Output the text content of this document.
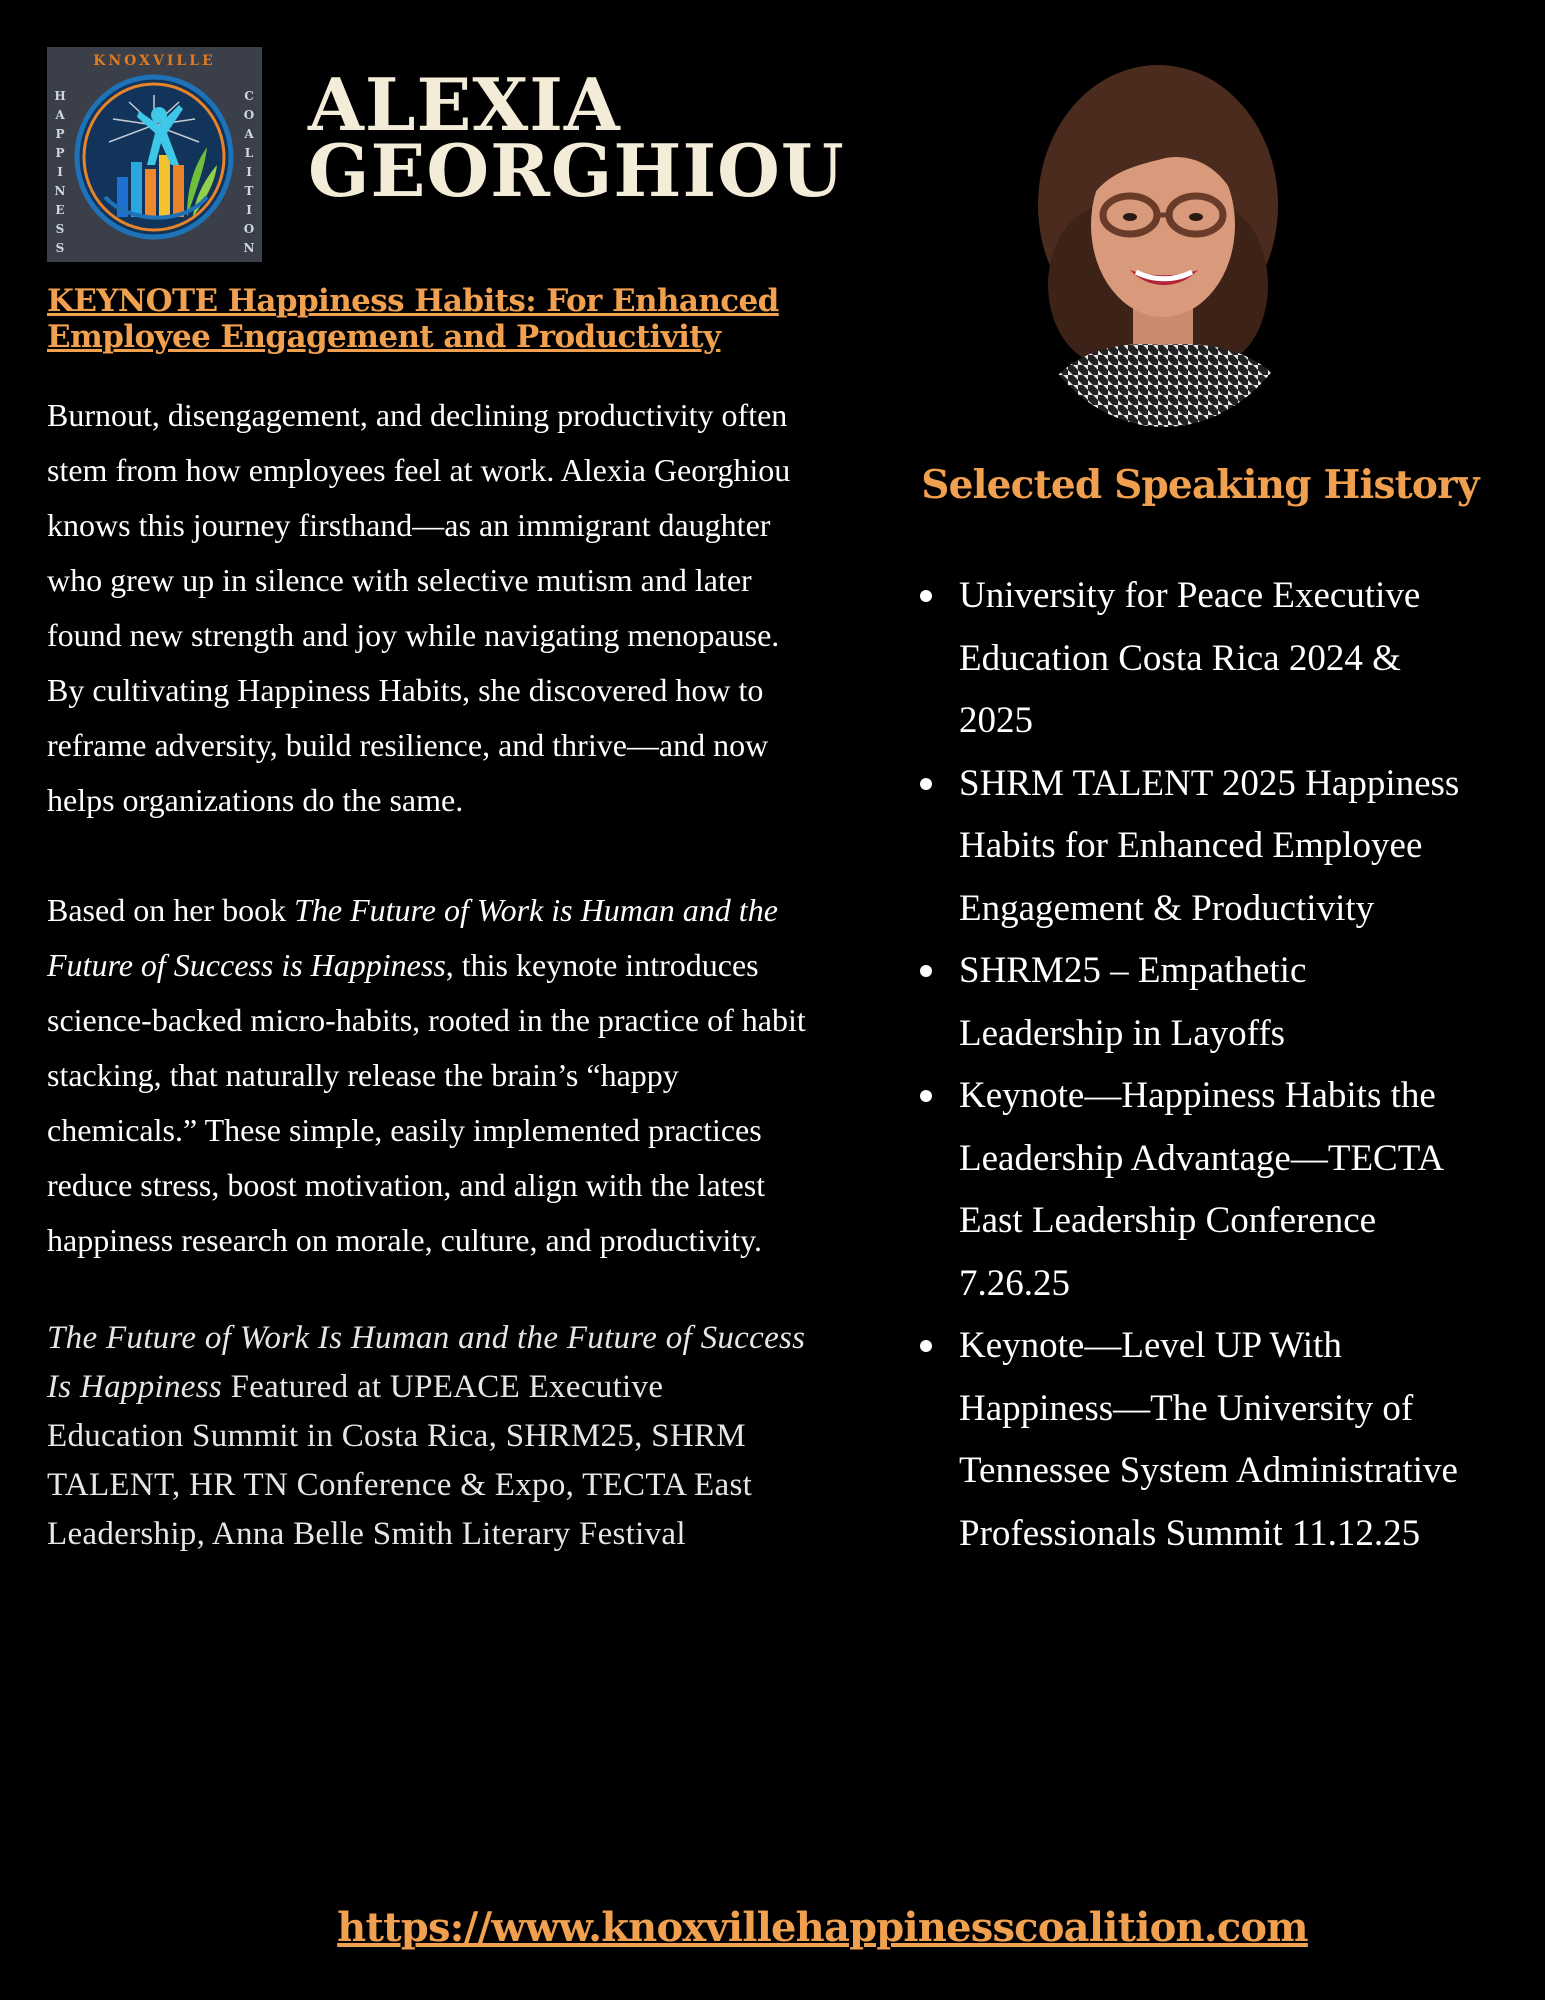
KNOXVILLE
H
A
P
P
I
N
E
S
S
C
O
A
L
I
T
I
O
N
ALEXIA
GEORGHIOU
KEYNOTE Happiness Habits: For Enhanced Employee Engagement and Productivity

Burnout, disengagement, and declining productivity often stem from how employees feel at work. Alexia Georghiou knows this journey firsthand—as an immigrant daughter who grew up in silence with selective mutism and later found new strength and joy while navigating menopause. By cultivating Happiness Habits, she discovered how to reframe adversity, build resilience, and thrive—and now helps organizations do the same.

Based on her book The Future of Work is Human and the Future of Success is Happiness, this keynote introduces science-backed micro-habits, rooted in the practice of habit stacking, that naturally release the brain’s “happy chemicals.” These simple, easily implemented practices reduce stress, boost motivation, and align with the latest happiness research on morale, culture, and productivity.

The Future of Work Is Human and the Future of Success Is Happiness Featured at UPEACE Executive Education Summit in Costa Rica, SHRM25, SHRM TALENT, HR TN Conference & Expo, TECTA East Leadership, Anna Belle Smith Literary Festival

Selected Speaking History
University for Peace Executive Education Costa Rica 2024 & 2025
SHRM TALENT 2025 Happiness Habits for Enhanced Employee Engagement & Productivity
SHRM25 – Empathetic Leadership in Layoffs
Keynote—Happiness Habits the Leadership Advantage—TECTA East Leadership Conference 7.26.25
Keynote—Level UP With Happiness—The University of Tennessee System Administrative Professionals Summit 11.12.25
https://www.knoxvillehappinesscoalition.com
